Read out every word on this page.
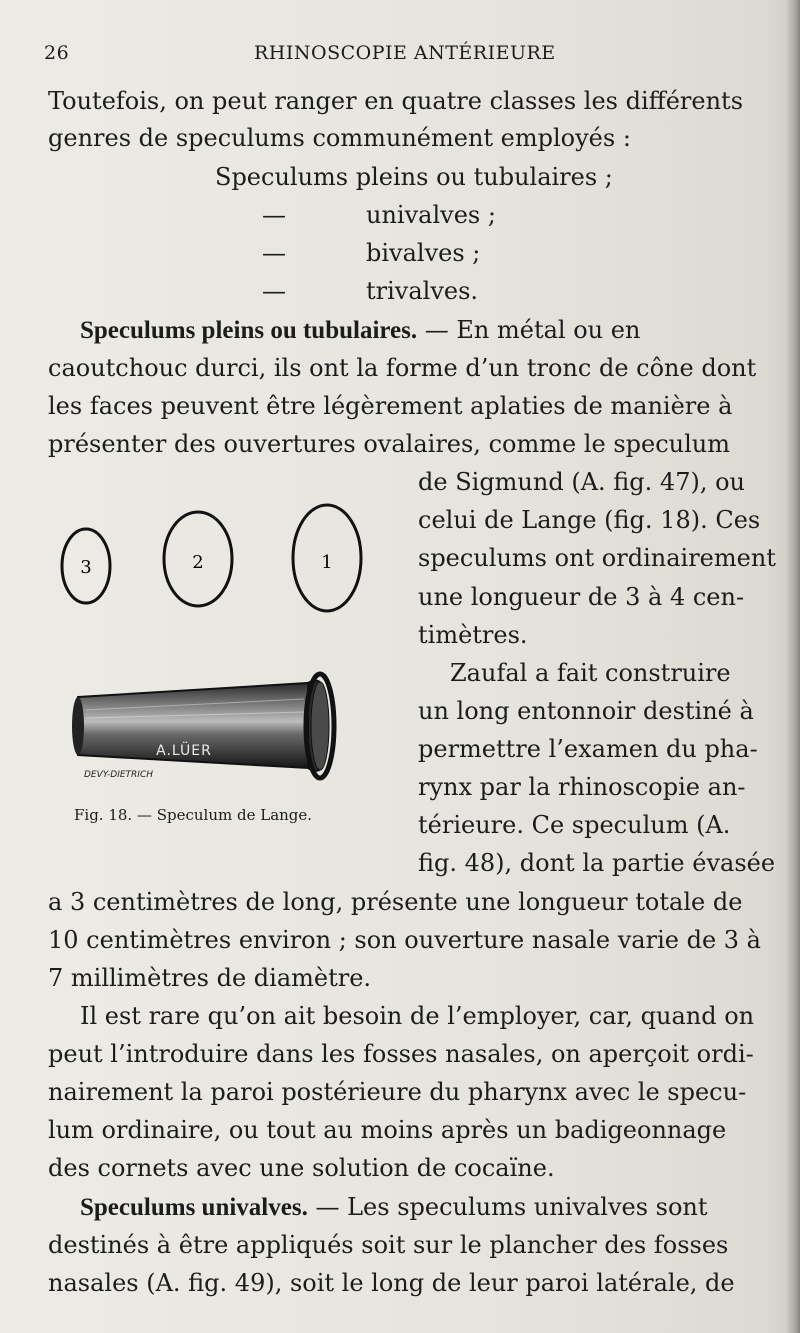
26	RHINOSCOPIE ANTÉRIEURE
Toutefois, on peut ranger en quatre classes les différents
genres de speculums communément employés :
Speculums pleins ou tubulaires ;
—	univalves ;
—	bivalves ;
—	trivalves.
Speculums pleins ou tubulaires. — En métal ou en
caoutchouc durci, ils ont la forme d’un tronc de cône dont
les faces peuvent être légèrement aplaties de manière à
présenter des ouvertures ovalaires, comme le speculum
de Sigmund (A. fig. 47), ou
celui de Lange (fig. 18). Ces
speculums ont ordinairement
une longueur de 3 à 4 cen-
timètres.
Zaufal a fait construire
un long entonnoir destiné à
permettre l’examen du pha-
rynx par la rhinoscopie an-
térieure. Ce speculum (A.
fig. 48), dont la partie évasée
a 3 centimètres de long, présente une longueur totale de
10 centimètres environ ; son ouverture nasale varie de 3 à
7 millimètres de diamètre.
Il est rare qu’on ait besoin de l’employer, car, quand on
peut l’introduire dans les fosses nasales, on aperçoit ordi-
nairement la paroi postérieure du pharynx avec le specu-
lum ordinaire, ou tout au moins après un badigeonnage
des cornets avec une solution de cocaïne.
Speculums univalves. — Les speculums univalves sont
destinés à être appliqués soit sur le plancher des fosses
nasales (A. fig. 49), soit le long de leur paroi latérale, de
3	2	1
A.LÜER
DEVY-DIETRICH
Fig. 18. — Speculum de Lange.
